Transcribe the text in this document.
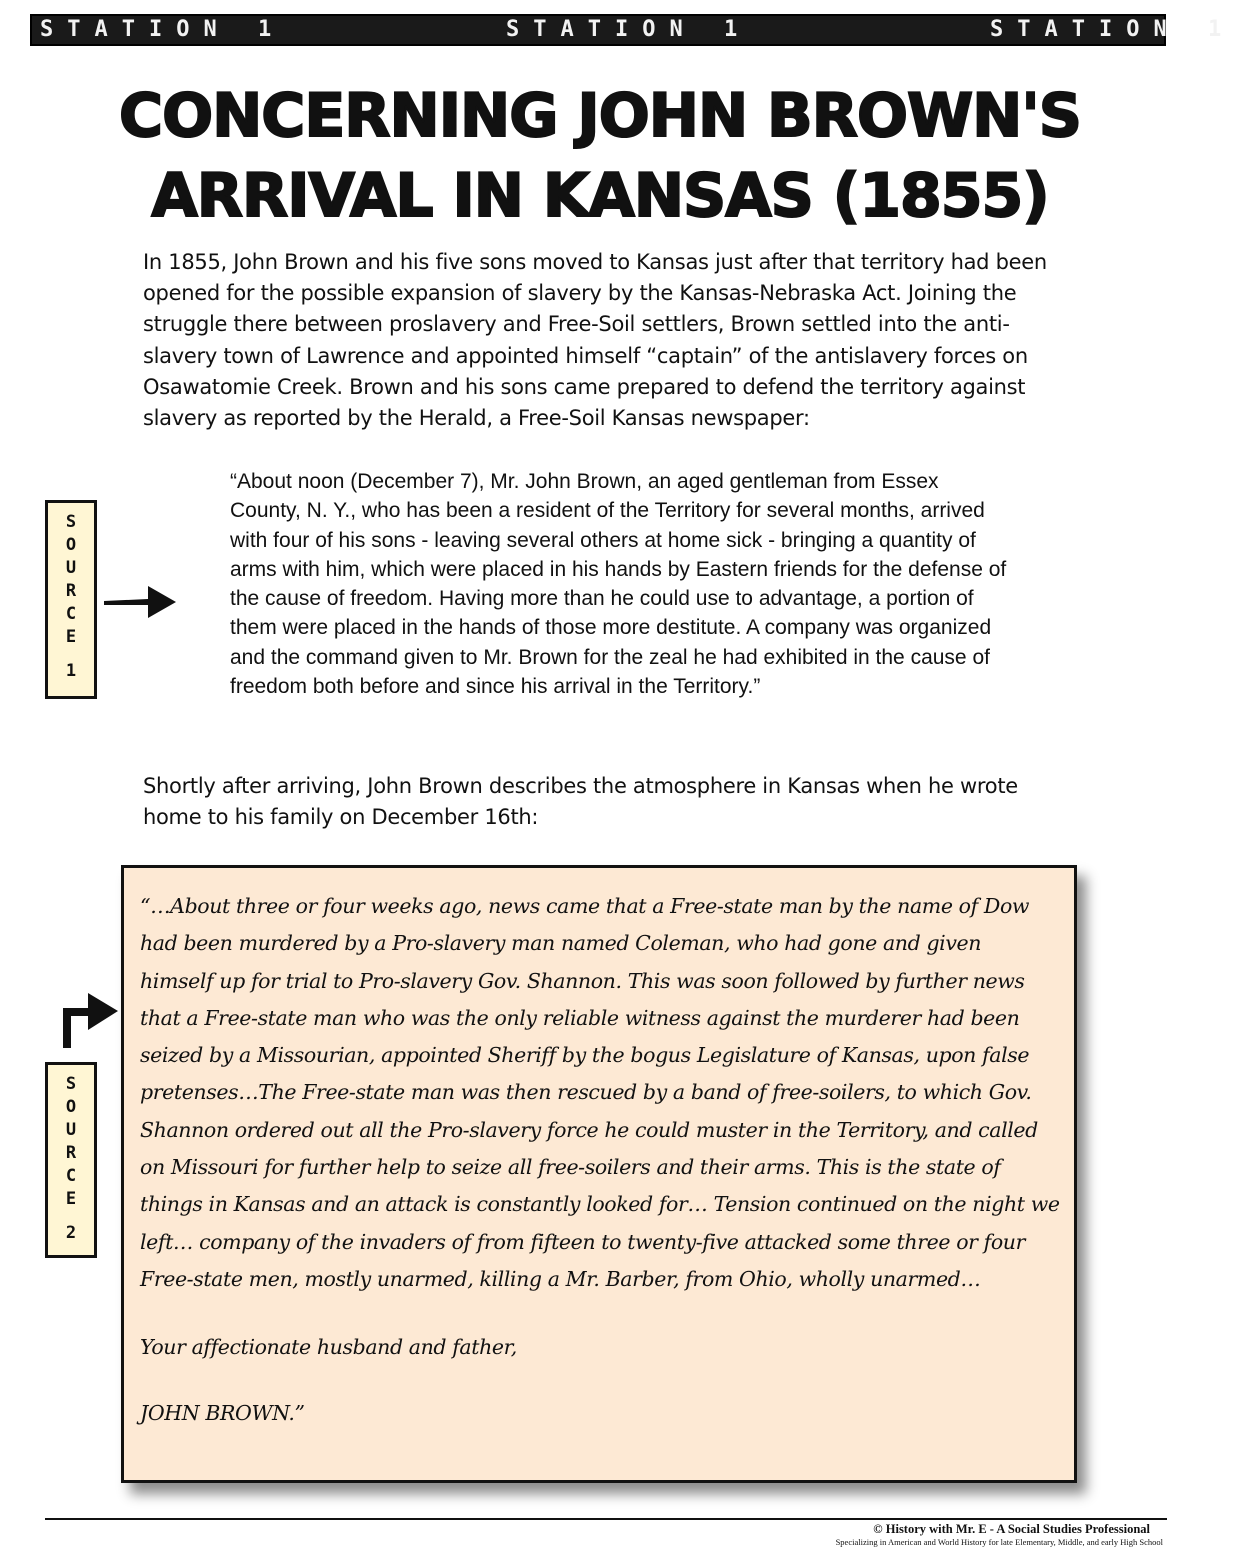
STATION 1	STATION 1	STATION 1
CONCERNING JOHN BROWN'S ARRIVAL IN KANSAS (1855)

In 1855, John Brown and his five sons moved to Kansas just after that territory had been opened for the possible expansion of slavery by the Kansas-Nebraska Act. Joining the struggle there between proslavery and Free-Soil settlers, Brown settled into the anti-slavery town of Lawrence and appointed himself “captain” of the antislavery forces on Osawatomie Creek. Brown and his sons came prepared to defend the territory against slavery as reported by the Herald, a Free-Soil Kansas newspaper:

S
O
U
R
C
E
1

“About noon (December 7), Mr. John Brown, an aged gentleman from Essex County, N. Y., who has been a resident of the Territory for several months, arrived with four of his sons - leaving several others at home sick - bringing a quantity of arms with him, which were placed in his hands by Eastern friends for the defense of the cause of freedom. Having more than he could use to advantage, a portion of them were placed in the hands of those more destitute. A company was organized and the command given to Mr. Brown for the zeal he had exhibited in the cause of freedom both before and since his arrival in the Territory.”

Shortly after arriving, John Brown describes the atmosphere in Kansas when he wrote home to his family on December 16th:

S
O
U
R
C
E
2

“…About three or four weeks ago, news came that a Free-state man by the name of Dow had been murdered by a Pro-slavery man named Coleman, who had gone and given himself up for trial to Pro-slavery Gov. Shannon. This was soon followed by further news that a Free-state man who was the only reliable witness against the murderer had been seized by a Missourian, appointed Sheriff by the bogus Legislature of Kansas, upon false pretenses…The Free-state man was then rescued by a band of free-soilers, to which Gov. Shannon ordered out all the Pro-slavery force he could muster in the Territory, and called on Missouri for further help to seize all free-soilers and their arms. This is the state of things in Kansas and an attack is constantly looked for… Tension continued on the night we left… company of the invaders of from fifteen to twenty-five attacked some three or four Free-state men, mostly unarmed, killing a Mr. Barber, from Ohio, wholly unarmed…

Your affectionate husband and father,

JOHN BROWN.”

© History with Mr. E - A Social Studies Professional
Specializing in American and World History for late Elementary, Middle, and early High School
